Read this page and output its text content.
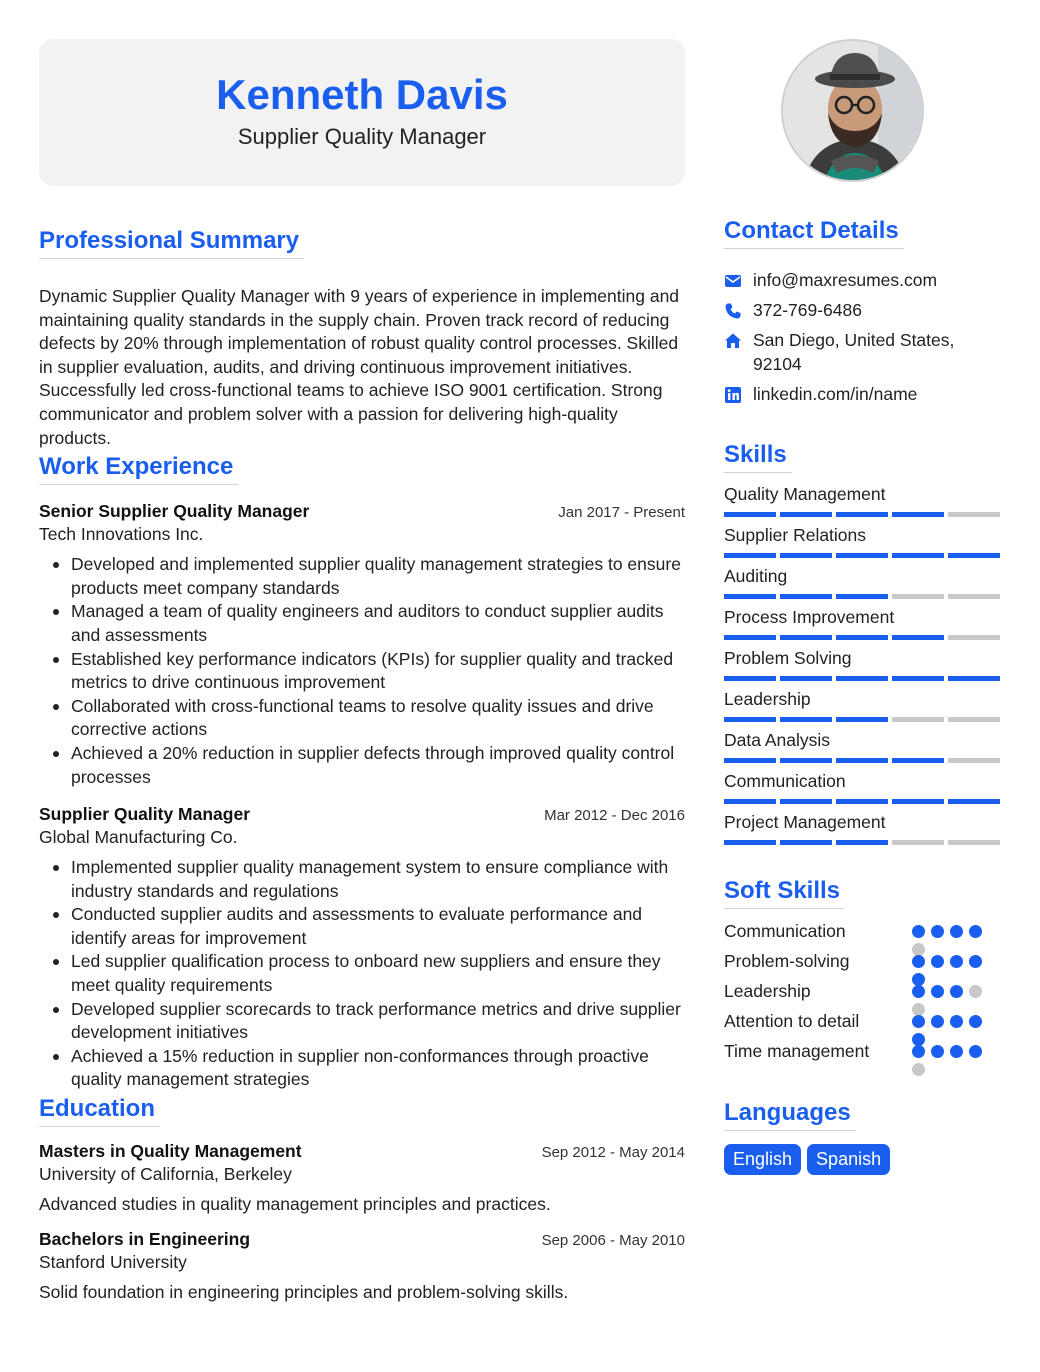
Kenneth Davis
Supplier Quality Manager
Professional Summary

Dynamic Supplier Quality Manager with 9 years of experience in implementing and maintaining quality standards in the supply chain. Proven track record of reducing defects by 20% through implementation of robust quality control processes. Skilled in supplier evaluation, audits, and driving continuous improvement initiatives. Successfully led cross-functional teams to achieve ISO 9001 certification. Strong communicator and problem solver with a passion for delivering high-quality products.

Work Experience
Senior Supplier Quality Manager	Jan 2017 - Present
Tech Innovations Inc.
Developed and implemented supplier quality management strategies to ensure products meet company standards
Managed a team of quality engineers and auditors to conduct supplier audits and assessments
Established key performance indicators (KPIs) for supplier quality and tracked metrics to drive continuous improvement
Collaborated with cross-functional teams to resolve quality issues and drive corrective actions
Achieved a 20% reduction in supplier defects through improved quality control processes
Supplier Quality Manager	Mar 2012 - Dec 2016
Global Manufacturing Co.
Implemented supplier quality management system to ensure compliance with industry standards and regulations
Conducted supplier audits and assessments to evaluate performance and identify areas for improvement
Led supplier qualification process to onboard new suppliers and ensure they meet quality requirements
Developed supplier scorecards to track performance metrics and drive supplier development initiatives
Achieved a 15% reduction in supplier non-conformances through proactive quality management strategies
Education
Masters in Quality Management	Sep 2012 - May 2014
University of California, Berkeley
Advanced studies in quality management principles and practices.
Bachelors in Engineering	Sep 2006 - May 2010
Stanford University
Solid foundation in engineering principles and problem-solving skills.
Contact Details
info@maxresumes.com
372-769-6486
San Diego, United States, 92104
linkedin.com/in/name
Skills
Quality Management
Supplier Relations
Auditing
Process Improvement
Problem Solving
Leadership
Data Analysis
Communication
Project Management
Soft Skills
Communication
Problem-solving
Leadership
Attention to detail
Time management
Languages
English	Spanish
